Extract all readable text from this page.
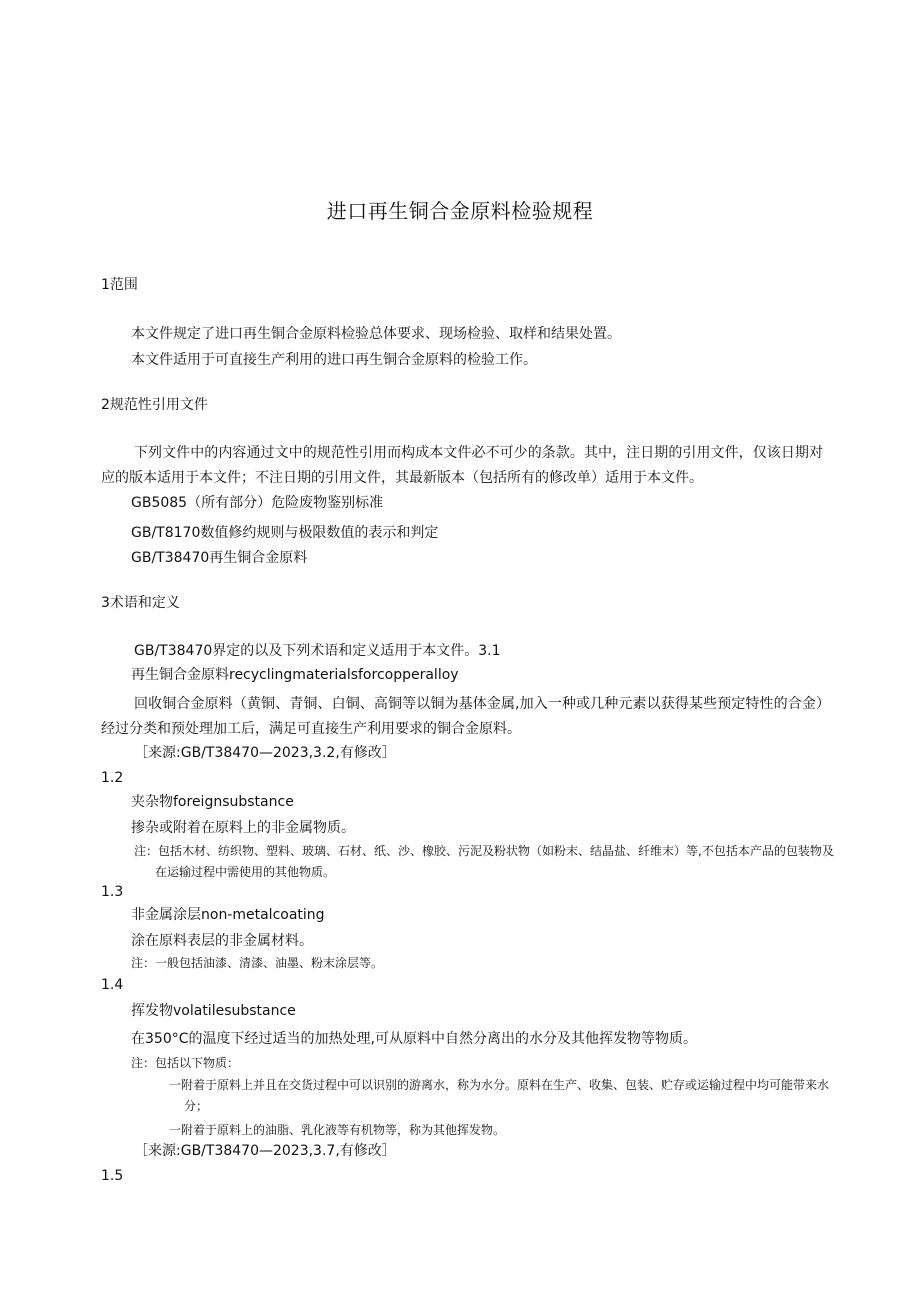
进口再生铜合金原料检验规程
1范围
本文件规定了进口再生铜合金原料检验总体要求、现场检验、取样和结果处置。
本文件适用于可直接生产利用的进口再生铜合金原料的检验工作。
2规范性引用文件
下列文件中的内容通过文中的规范性引用而构成本文件必不可少的条款。其中，注日期的引用文件，仅该日期对应的版本适用于本文件；不注日期的引用文件，其最新版本（包括所有的修改单）适用于本文件。
GB5085（所有部分）危险废物鉴别标准
GB/T8170数值修约规则与极限数值的表示和判定
GB/T38470再生铜合金原料
3术语和定义
GB/T38470界定的以及下列术语和定义适用于本文件。3.1
再生铜合金原料recyclingmaterialsforcopperalloy
回收铜合金原料（黄铜、青铜、白铜、高铜等以铜为基体金属,加入一种或几种元素以获得某些预定特性的合金）经过分类和预处理加工后，满足可直接生产利用要求的铜合金原料。
［来源:GB/T38470—2023,3.2,有修改］
1.2
夹杂物foreignsubstance
掺杂或附着在原料上的非金属物质。
注：包括木材、纺织物、塑料、玻璃、石材、纸、沙、橡胶、污泥及粉状物（如粉末、结晶盐、纤维末）等,不包括本产品的包装物及在运输过程中需使用的其他物质。
1.3
非金属涂层non-metalcoating
涂在原料表层的非金属材料。
注：一般包括油漆、清漆、油墨、粉末涂层等。
1.4
挥发物volatilesubstance
在350°C的温度下经过适当的加热处理,可从原料中自然分离出的水分及其他挥发物等物质。
注：包括以下物质：
一附着于原料上并且在交货过程中可以识别的游离水，称为水分。原料在生产、收集、包装、贮存或运输过程中均可能带来水分；
一附着于原料上的油脂、乳化液等有机物等，称为其他挥发物。
［来源:GB/T38470—2023,3.7,有修改］
1.5
